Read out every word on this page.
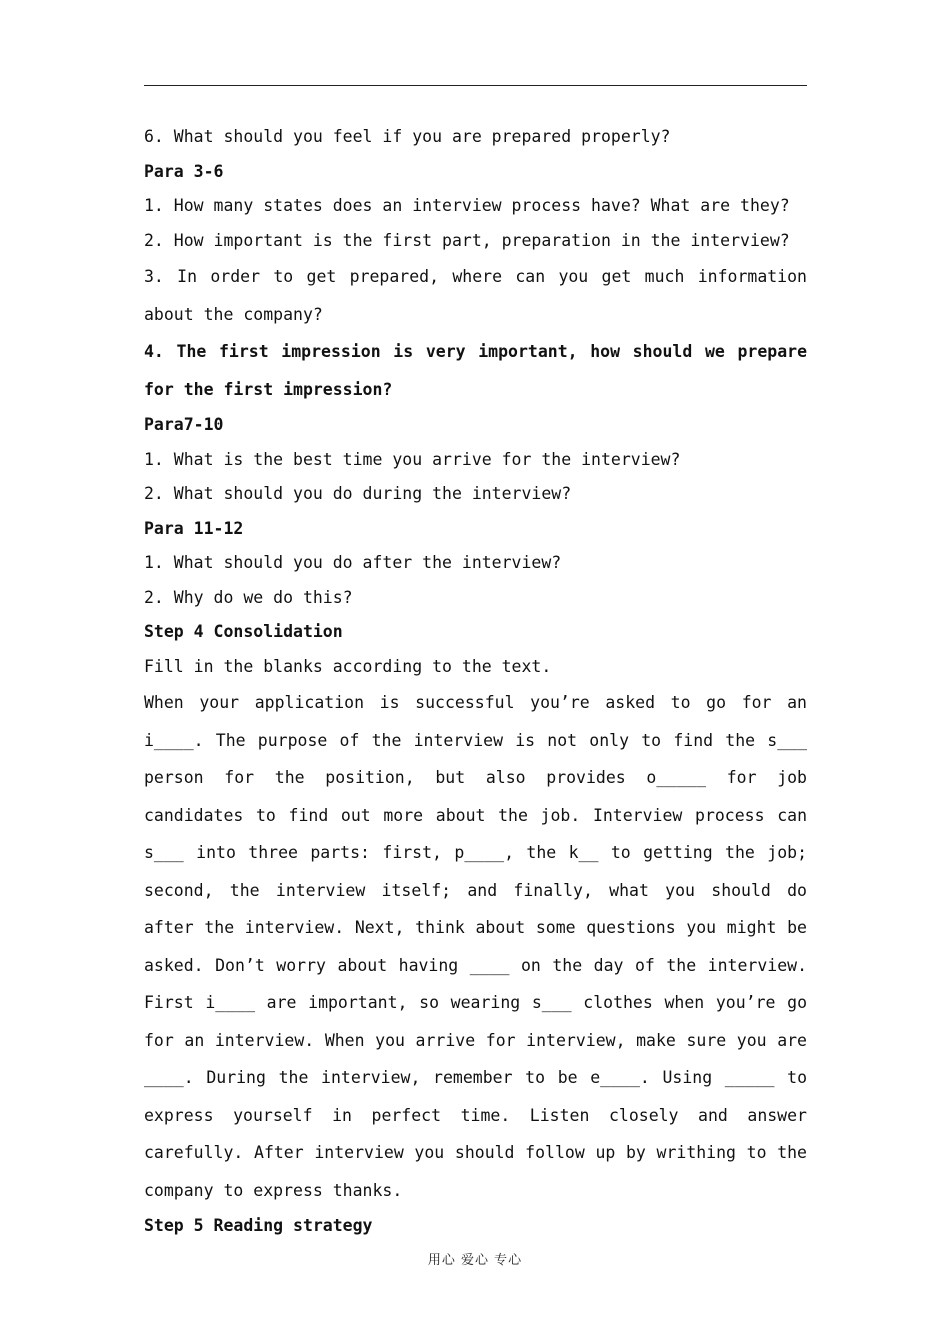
6. What should you feel if you are prepared properly?
Para 3-6
1. How many states does an interview process have? What are they?
2. How important is the first part, preparation in the interview?
3. In order to get prepared, where can you get much information about the company?
4. The first impression is very important, how should we prepare for the first impression?
Para7-10
1. What is the best time you arrive for the interview?
2. What should you do during the interview?
Para 11-12
1. What should you do after the interview?
2. Why do we do this?
Step 4 Consolidation
Fill in the blanks according to the text.
When your application is successful you’re asked to go for an i____. The purpose of the interview is not only to find the s___ person for the position, but also provides o_____ for job candidates to find out more about the job. Interview process can s___ into three parts: first, p____, the k__ to getting the job; second, the interview itself; and finally, what you should do after the interview. Next, think about some questions you might be asked. Don’t worry about having ____ on the day of the interview. First i____ are important, so wearing s___ clothes when you’re go for an interview. When you arrive for interview, make sure you are ____. During the interview, remember to be e____. Using _____ to express yourself in perfect time. Listen closely and answer carefully. After interview you should follow up by writhing to the company to express thanks.
Step 5 Reading strategy
用心 爱心 专心
